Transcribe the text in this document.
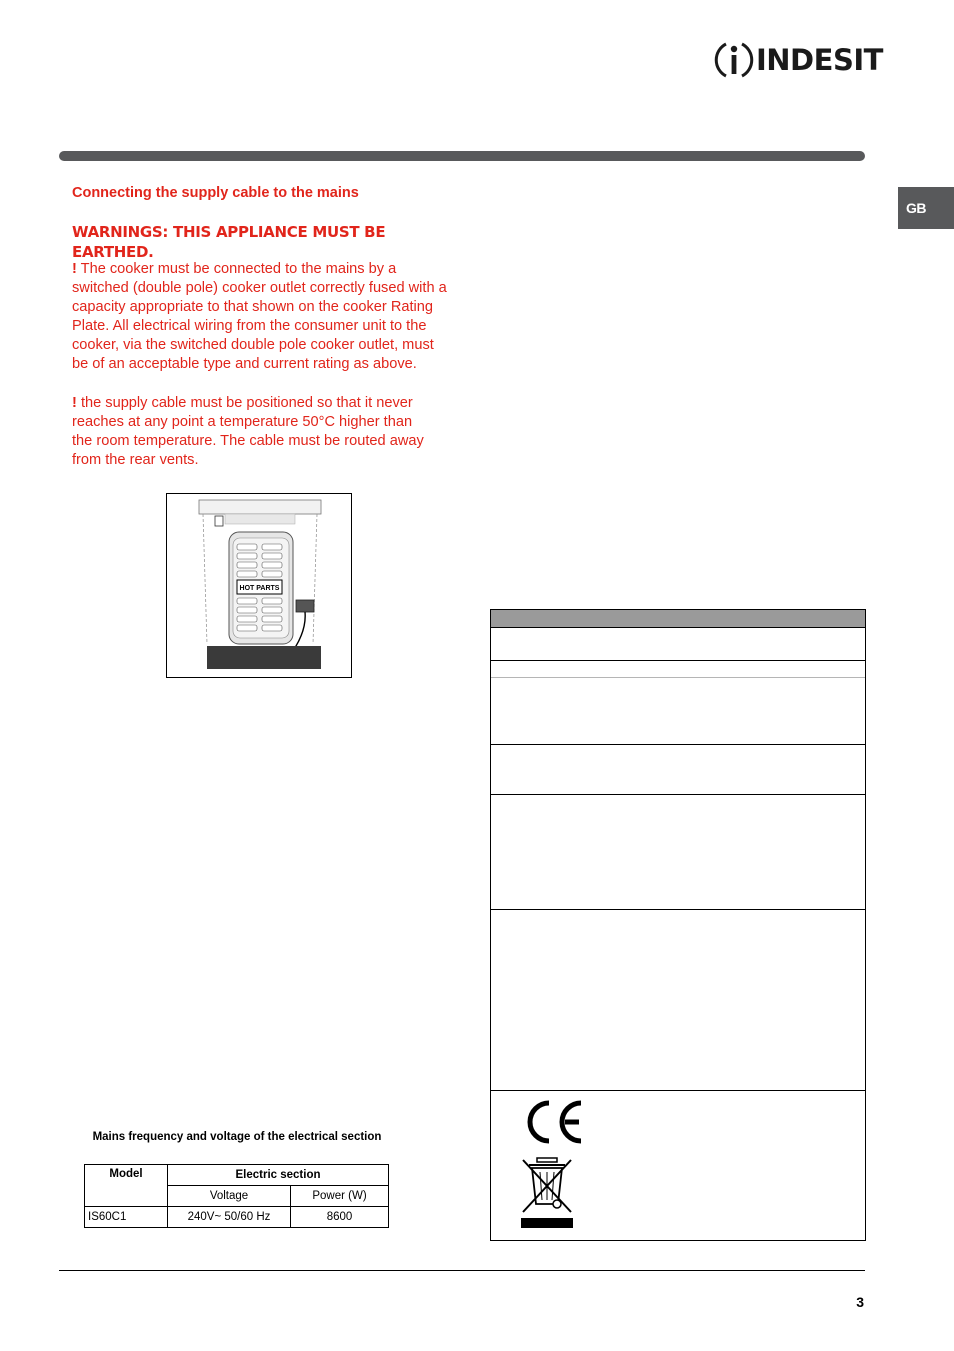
INDESIT
GB
Connecting the supply cable to the mains
WARNINGS: THIS APPLIANCE MUST BE EARTHED.
! The cooker must be connected to the mains by a switched (double pole) cooker outlet correctly fused with a capacity appropriate to that shown on the cooker Rating Plate. All electrical wiring from the consumer unit to the cooker, via the switched double pole cooker outlet, must be of an acceptable type and current rating as above.
! the supply cable must be positioned so that it never reaches at any point a temperature 50°C higher than the room temperature. The cable must be routed away from the rear vents.
HOT PARTS
Mains frequency and voltage of the electrical section
Model	Electric section	
	Voltage	Power (W)
IS60C1	240V~ 50/60 Hz	8600
3
